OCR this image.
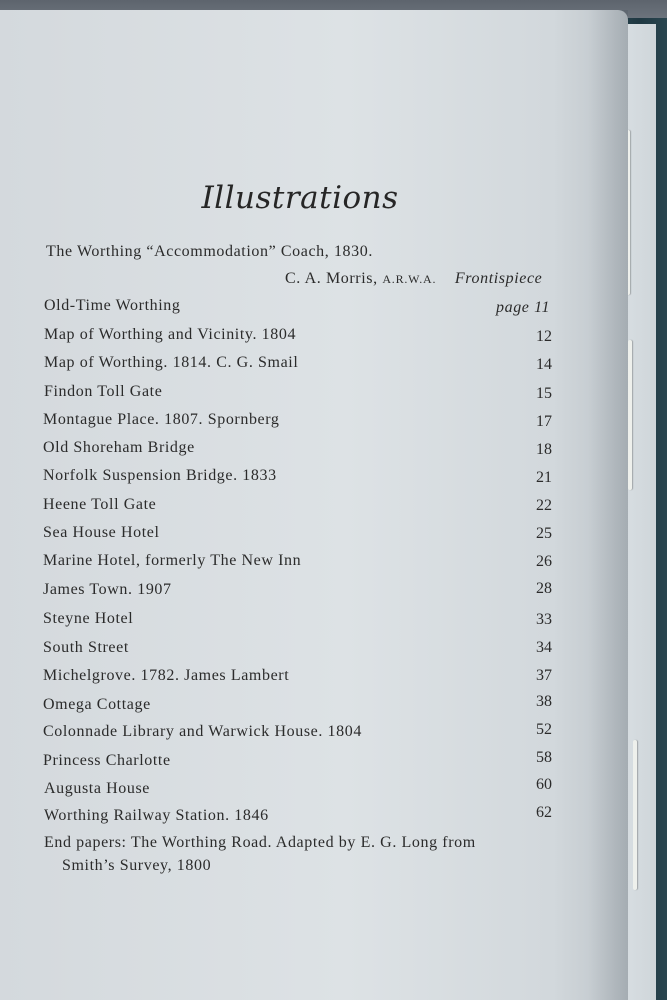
Illustrations
The Worthing “Accommodation” Coach, 1830.
C. A. Morris, A.R.W.A. Frontispiece
Old-Time Worthing	page 11
Map of Worthing and Vicinity. 1804	12
Map of Worthing. 1814. C. G. Smail	14
Findon Toll Gate	15
Montague Place. 1807. Spornberg	17
Old Shoreham Bridge	18
Norfolk Suspension Bridge. 1833	21
Heene Toll Gate	22
Sea House Hotel	25
Marine Hotel, formerly The New Inn	26
James Town. 1907	28
Steyne Hotel	33
South Street	34
Michelgrove. 1782. James Lambert	37
Omega Cottage	38
Colonnade Library and Warwick House. 1804	52
Princess Charlotte	58
Augusta House	60
Worthing Railway Station. 1846	62
End papers: The Worthing Road. Adapted by E. G. Long from
Smith’s Survey, 1800
